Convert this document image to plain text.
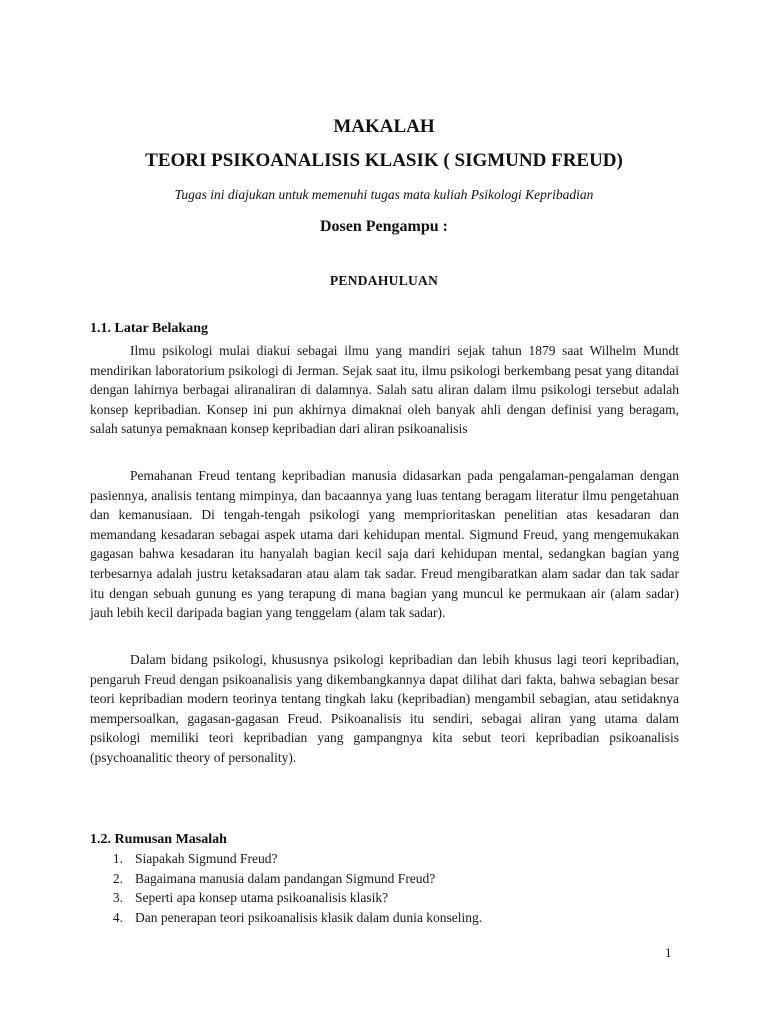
MAKALAH
TEORI PSIKOANALISIS KLASIK ( SIGMUND FREUD)

Tugas ini diajukan untuk memenuhi tugas mata kuliah Psikologi Kepribadian

Dosen Pengampu :
PENDAHULUAN
1.1. Latar Belakang

Ilmu psikologi mulai diakui sebagai ilmu yang mandiri sejak tahun 1879 saat Wilhelm Mundt mendirikan laboratorium psikologi di Jerman. Sejak saat itu, ilmu psikologi berkembang pesat yang ditandai dengan lahirnya berbagai aliranaliran di dalamnya. Salah satu aliran dalam ilmu psikologi tersebut adalah konsep kepribadian. Konsep ini pun akhirnya dimaknai oleh banyak ahli dengan definisi yang beragam, salah satunya pemaknaan konsep kepribadian dari aliran psikoanalisis

Pemahanan Freud tentang kepribadian manusia didasarkan pada pengalaman-pengalaman dengan pasiennya, analisis tentang mimpinya, dan bacaannya yang luas tentang beragam literatur ilmu pengetahuan dan kemanusiaan. Di tengah-tengah psikologi yang memprioritaskan penelitian atas kesadaran dan memandang kesadaran sebagai aspek utama dari kehidupan mental. Sigmund Freud, yang mengemukakan gagasan bahwa kesadaran itu hanyalah bagian kecil saja dari kehidupan mental, sedangkan bagian yang terbesarnya adalah justru ketaksadaran atau alam tak sadar. Freud mengibaratkan alam sadar dan tak sadar itu dengan sebuah gunung es yang terapung di mana bagian yang muncul ke permukaan air (alam sadar) jauh lebih kecil daripada bagian yang tenggelam (alam tak sadar).

Dalam bidang psikologi, khususnya psikologi kepribadian dan lebih khusus lagi teori kepribadian, pengaruh Freud dengan psikoanalisis yang dikembangkannya dapat dilihat dari fakta, bahwa sebagian besar teori kepribadian modern teorinya tentang tingkah laku (kepribadian) mengambil sebagian, atau setidaknya mempersoalkan, gagasan-gagasan Freud. Psikoanalisis itu sendiri, sebagai aliran yang utama dalam psikologi memiliki teori kepribadian yang gampangnya kita sebut teori kepribadian psikoanalisis (psychoanalitic theory of personality).

1.2. Rumusan Masalah
1. Siapakah Sigmund Freud?
2. Bagaimana manusia dalam pandangan Sigmund Freud?
3. Seperti apa konsep utama psikoanalisis klasik?
4. Dan penerapan teori psikoanalisis klasik dalam dunia konseling.

1
